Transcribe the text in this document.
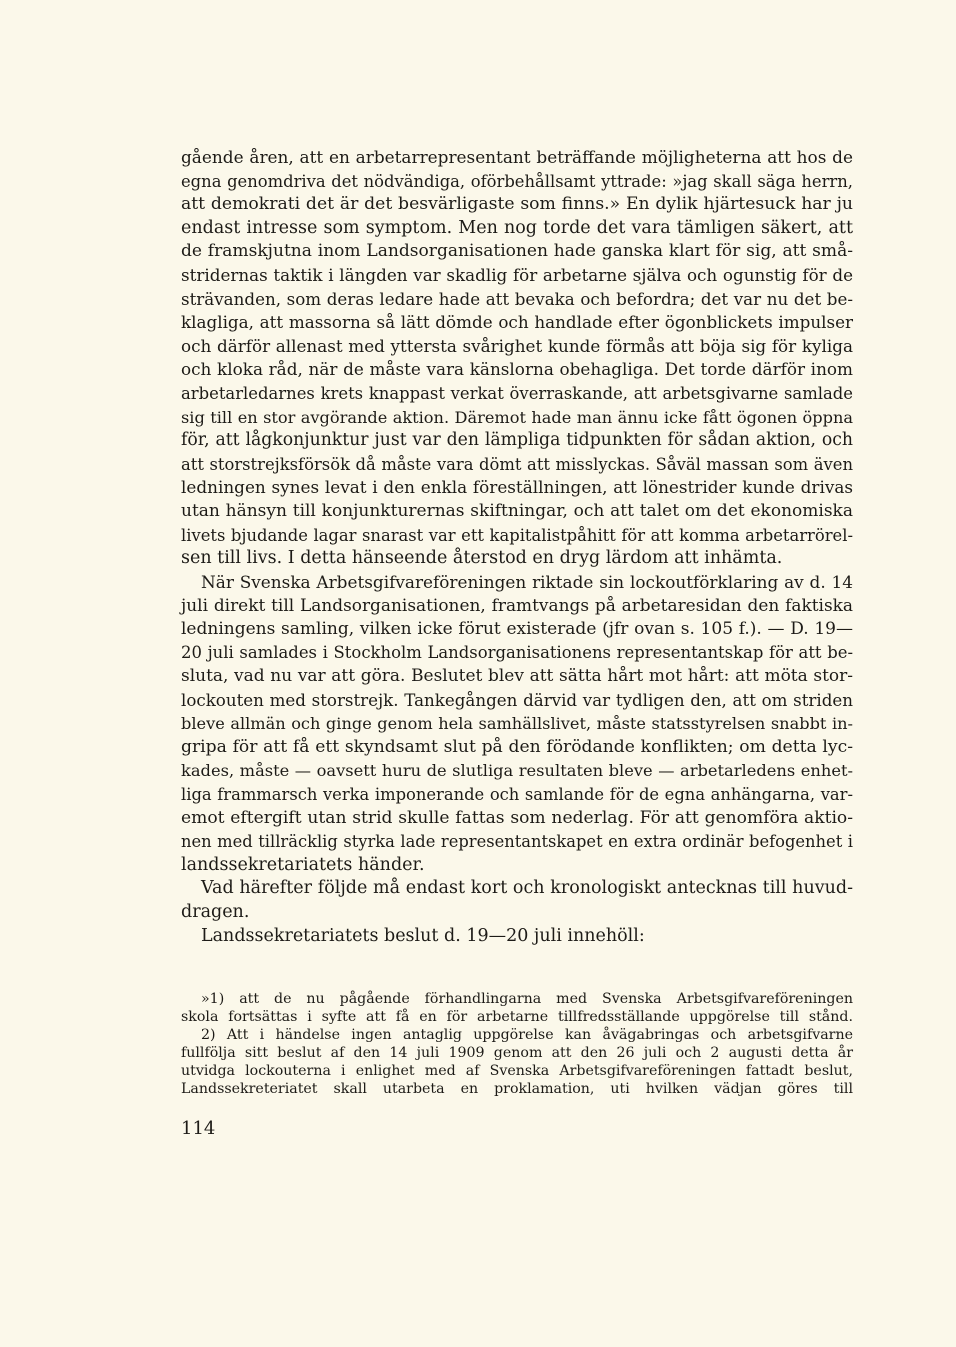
gående åren, att en arbetarrepresentant beträffande möjligheterna att hos de
egna genomdriva det nödvändiga, oförbehållsamt yttrade: »jag skall säga herrn,
att demokrati det är det besvärligaste som finns.» En dylik hjärtesuck har ju
endast intresse som symptom. Men nog torde det vara tämligen säkert, att
de framskjutna inom Landsorganisationen hade ganska klart för sig, att små-
stridernas taktik i längden var skadlig för arbetarne själva och ogunstig för de
strävanden, som deras ledare hade att bevaka och befordra; det var nu det be-
klagliga, att massorna så lätt dömde och handlade efter ögonblickets impulser
och därför allenast med yttersta svårighet kunde förmås att böja sig för kyliga
och kloka råd, när de måste vara känslorna obehagliga. Det torde därför inom
arbetarledarnes krets knappast verkat överraskande, att arbetsgivarne samlade
sig till en stor avgörande aktion. Däremot hade man ännu icke fått ögonen öppna
för, att lågkonjunktur just var den lämpliga tidpunkten för sådan aktion, och
att storstrejksförsök då måste vara dömt att misslyckas. Såväl massan som även
ledningen synes levat i den enkla föreställningen, att lönestrider kunde drivas
utan hänsyn till konjunkturernas skiftningar, och att talet om det ekonomiska
livets bjudande lagar snarast var ett kapitalistpåhitt för att komma arbetarrörel-
sen till livs. I detta hänseende återstod en dryg lärdom att inhämta.
När Svenska Arbetsgifvareföreningen riktade sin lockoutförklaring av d. 14
juli direkt till Landsorganisationen, framtvangs på arbetaresidan den faktiska
ledningens samling, vilken icke förut existerade (jfr ovan s. 105 f.). — D. 19—
20 juli samlades i Stockholm Landsorganisationens representantskap för att be-
sluta, vad nu var att göra. Beslutet blev att sätta hårt mot hårt: att möta stor-
lockouten med storstrejk. Tankegången därvid var tydligen den, att om striden
bleve allmän och ginge genom hela samhällslivet, måste statsstyrelsen snabbt in-
gripa för att få ett skyndsamt slut på den förödande konflikten; om detta lyc-
kades, måste — oavsett huru de slutliga resultaten bleve — arbetarledens enhet-
liga frammarsch verka imponerande och samlande för de egna anhängarna, var-
emot eftergift utan strid skulle fattas som nederlag. För att genomföra aktio-
nen med tillräcklig styrka lade representantskapet en extra ordinär befogenhet i
landssekretariatets händer.
Vad härefter följde må endast kort och kronologiskt antecknas till huvud-
dragen.
Landssekretariatets beslut d. 19—20 juli innehöll:
»1) att de nu pågående förhandlingarna med Svenska Arbetsgifvareföreningen
skola fortsättas i syfte att få en för arbetarne tillfredsställande uppgörelse till stånd.
2) Att i händelse ingen antaglig uppgörelse kan åvägabringas och arbetsgifvarne
fullfölja sitt beslut af den 14 juli 1909 genom att den 26 juli och 2 augusti detta år
utvidga lockouterna i enlighet med af Svenska Arbetsgifvareföreningen fattadt beslut,
Landssekreteriatet skall utarbeta en proklamation, uti hvilken vädjan göres till
114
